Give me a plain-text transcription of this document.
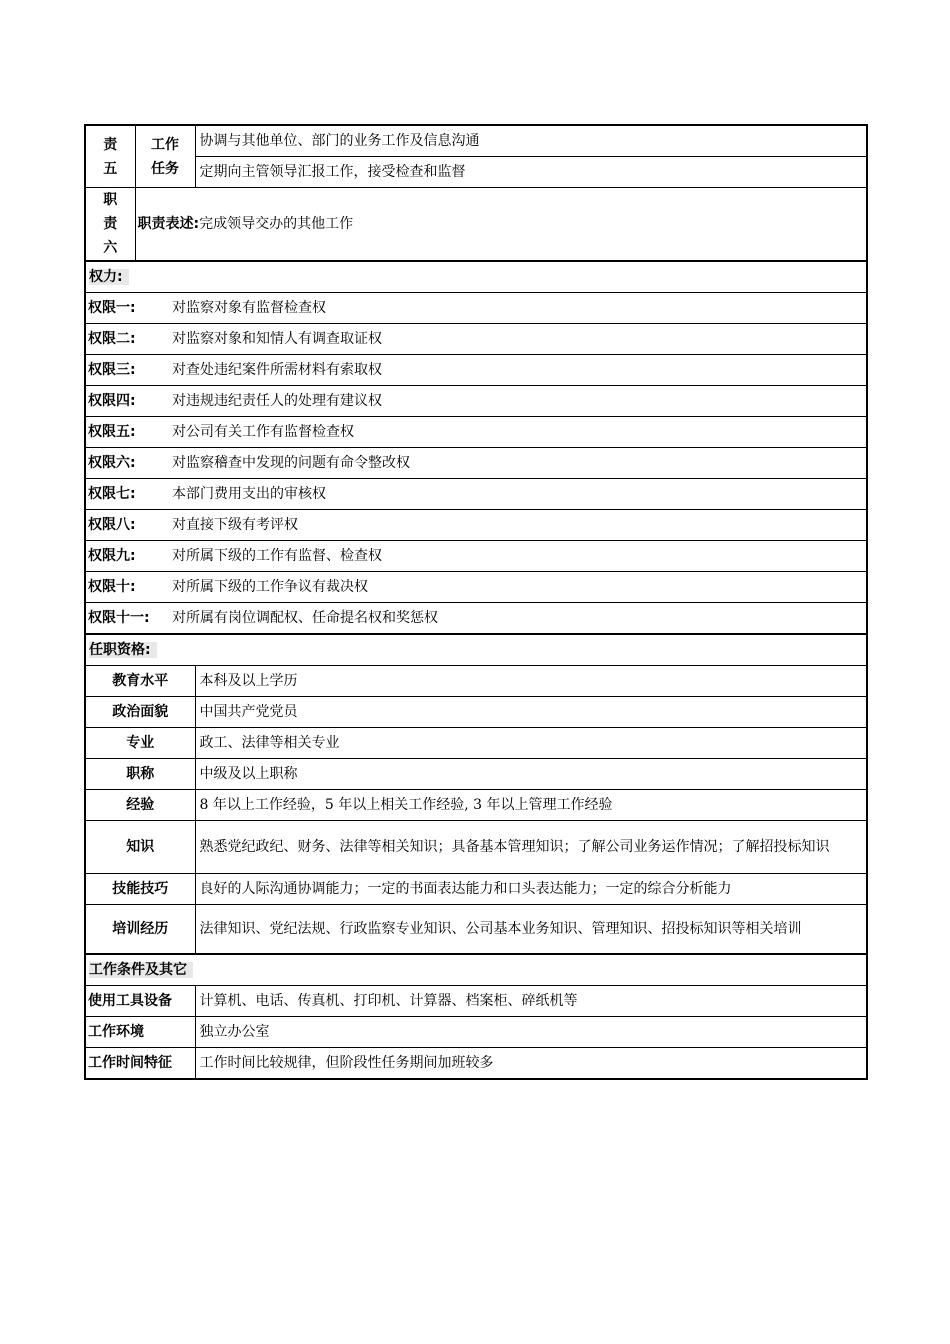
责五	工作任务	协调与其他单位、部门的业务工作及信息沟通
		定期向主管领导汇报工作，接受检查和监督
职责六	职责表述:完成领导交办的其他工作	
权力:		
权限一: 对监察对象有监督检查权		
权限二: 对监察对象和知情人有调查取证权		
权限三: 对查处违纪案件所需材料有索取权		
权限四: 对违规违纪责任人的处理有建议权		
权限五: 对公司有关工作有监督检查权		
权限六: 对监察稽查中发现的问题有命令整改权		
权限七: 本部门费用支出的审核权		
权限八: 对直接下级有考评权		
权限九: 对所属下级的工作有监督、检查权		
权限十: 对所属下级的工作争议有裁决权		
权限十一: 对所属有岗位调配权、任命提名权和奖惩权		
任职资格:		
教育水平		本科及以上学历
政治面貌		中国共产党党员
专业		政工、法律等相关专业
职称		中级及以上职称
经验		8 年以上工作经验，5 年以上相关工作经验, 3 年以上管理工作经验
知识		熟悉党纪政纪、财务、法律等相关知识；具备基本管理知识；了解公司业务运作情况；了解招投标知识
技能技巧		良好的人际沟通协调能力；一定的书面表达能力和口头表达能力；一定的综合分析能力
培训经历		法律知识、党纪法规、行政监察专业知识、公司基本业务知识、管理知识、招投标知识等相关培训
工作条件及其它		
使用工具设备		计算机、电话、传真机、打印机、计算器、档案柜、碎纸机等
工作环境		独立办公室
工作时间特征		工作时间比较规律，但阶段性任务期间加班较多
